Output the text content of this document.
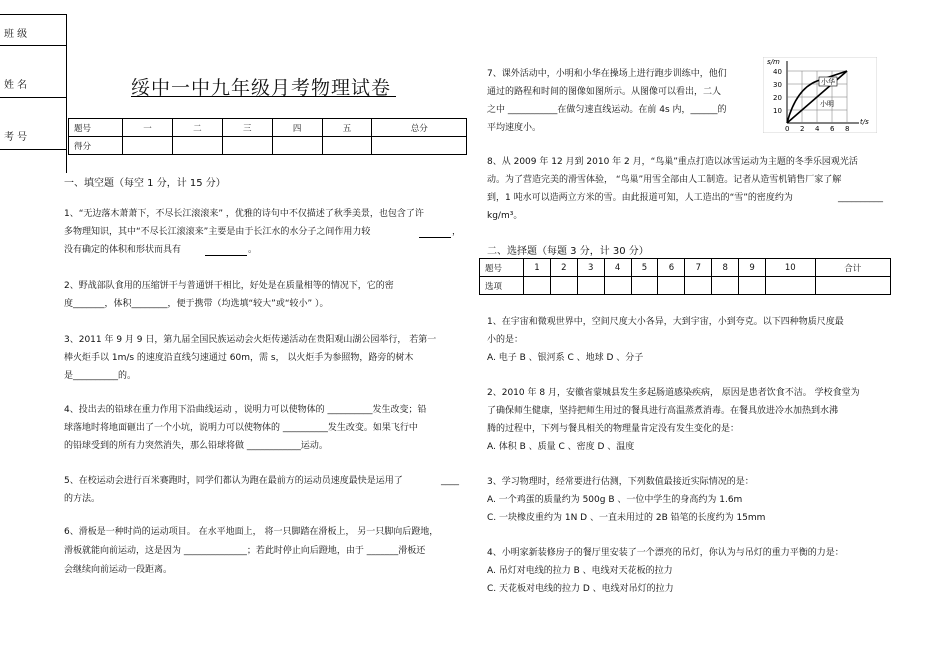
班 级
姓 名
考 号
绥中一中九年级月考物理试卷
题号	一	二	三	四	五	总分
得分						
一、填空题（每空 1 分，计 15 分）
1、“无边落木萧萧下，不尽长江滚滚来” ，优雅的诗句中不仅描述了秋季美景，也包含了许
多物理知识，其中“不尽长江滚滚来”主要是由于长江水的水分子之间作用力较
没有确定的体积和形状而具有
，
。
2、野战部队食用的压缩饼干与普通饼干相比，好处是在质量相等的情况下，它的密
度_______，体积________，便于携带（均选填“较大”或“较小” ）。
3、2011 年 9 月 9 日，第九届全国民族运动会火炬传递活动在贵阳观山湖公园举行， 若第一
棒火炬手以 1m/s 的速度沿直线匀速通过 60m，需 s， 以火炬手为参照物，路旁的树木
是__________的。
4、投出去的铅球在重力作用下沿曲线运动 ，说明力可以使物体的 __________发生改变；铅
球落地时将地面砸出了一个小坑，说明力可以使物体的 __________发生改变。如果飞行中
的铅球受到的所有力突然消失，那么铅球将做 ____________运动。
5、在校运动会进行百米赛跑时，同学们都认为跑在最前方的运动员速度最快是运用了
的方法。
____
6、滑板是一种时尚的运动项目。 在水平地面上， 将一只脚踏在滑板上， 另一只脚向后蹬地，
滑板就能向前运动，这是因为 ______________；若此时停止向后蹬地，由于 _______滑板还
会继续向前运动一段距离。
7、课外活动中，小明和小华在操场上进行跑步训练中，他们
通过的路程和时间的图像如图所示。从图像可以看出，二人
之中 ___________在做匀速直线运动。在前 4s 内，______的
平均速度小。
s/m
t/s
40
30
20
10
0 2 4 6 8
小华
小明
8、从 2009 年 12 月到 2010 年 2 月，“鸟巢”重点打造以冰雪运动为主题的冬季乐园观光活
动。为了营造完美的滑雪体验， “鸟巢”用雪全部由人工制造。记者从造雪机销售厂家了解
到，1 吨水可以造两立方米的雪。由此报道可知，人工造出的“雪”的密度约为	__________
kg/m³。
二、选择题（每题 3 分，计 30 分）
题号	1	2	3	4	5	6	7	8	9	10	合计
选项											
1、在宇宙和微观世界中，空间尺度大小各异，大到宇宙，小到夸克。以下四种物质尺度最
小的是：
A. 电子 B 、银河系 C 、地球 D 、分子
2、2010 年 8 月，安徽省蒙城县发生多起肠道感染疾病， 原因是患者饮食不洁。 学校食堂为
了确保师生健康，坚持把师生用过的餐具进行高温蒸煮消毒。在餐具放进冷水加热到水沸
腾的过程中，下列与餐具相关的物理量肯定没有发生变化的是：
A. 体积 B 、质量 C 、密度 D 、温度
3、学习物理时，经常要进行估测，下列数值最接近实际情况的是：
A. 一个鸡蛋的质量约为 500g B 、一位中学生的身高约为 1.6m
C. 一块橡皮重约为 1N D 、一直未用过的 2B 铅笔的长度约为 15mm
4、小明家新装修房子的餐厅里安装了一个漂亮的吊灯，你认为与吊灯的重力平衡的力是：
A. 吊灯对电线的拉力 B 、电线对天花板的拉力
C. 天花板对电线的拉力 D 、电线对吊灯的拉力
